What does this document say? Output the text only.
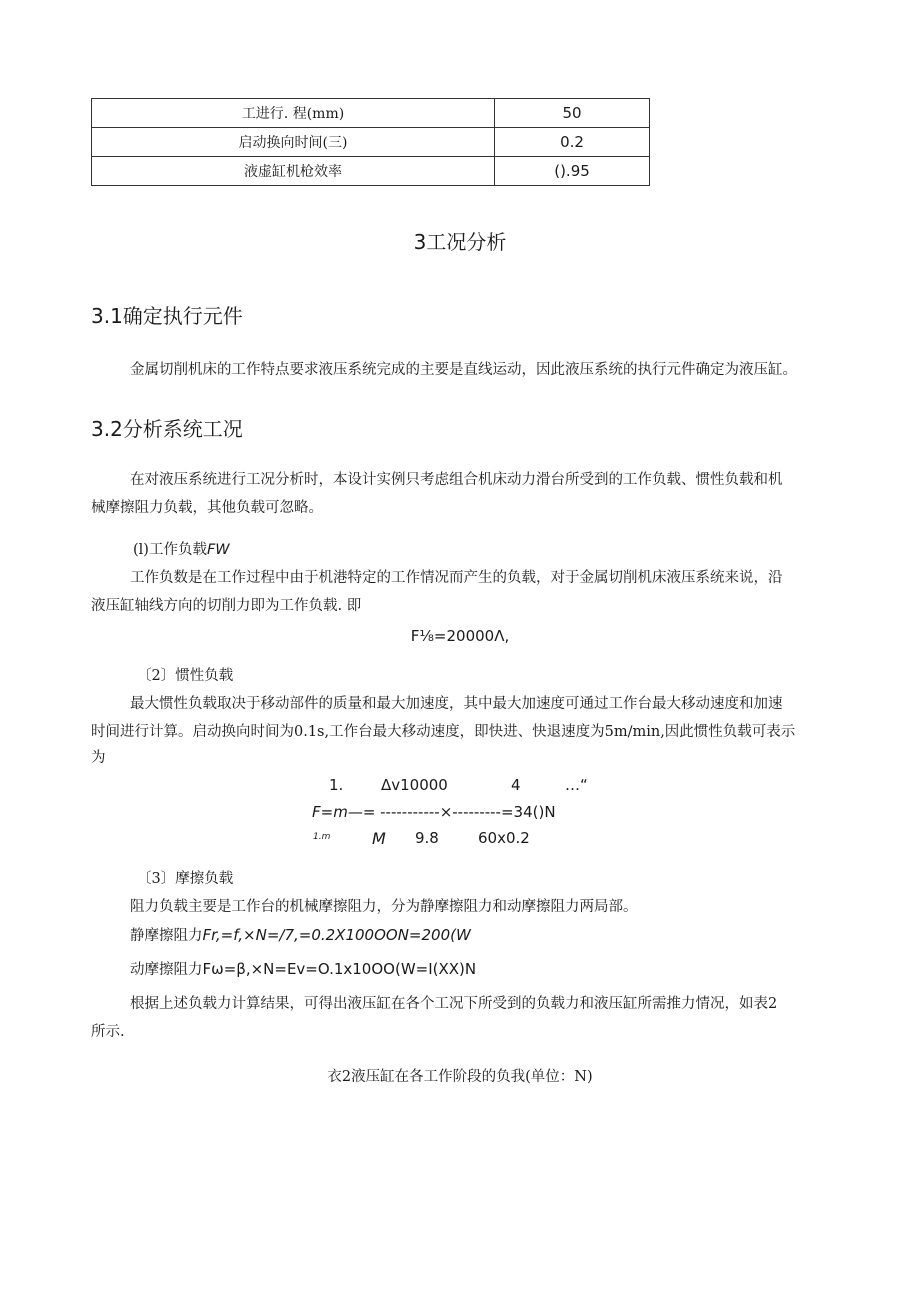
工进行. 程(mm)	50
启动换向时间(三)	0.2
液虚缸机枪效率	().95
3工况分析
3.1确定执行元件
金属切削机床的工作特点要求液压系统完成的主要是直线运动，因此液压系统的执行元件确定为液压缸。
3.2分析系统工况
在对液压系统进行工况分析时，本设计实例只考虑组合机床动力滑台所受到的工作负载、惯性负载和机
械摩擦阻力负载，其他负载可忽略。
(l)工作负载FW
工作负数是在工作过程中由于机港特定的工作情况而产生的负载，对于金属切削机床液压系统来说，沿
液压缸轴线方向的切削力即为工作负载. 即
F⅛=20000Λ,
〔2〕惯性负载
最大惯性负载取决于移动部件的质量和最大加速度，其中最大加速度可通过工作台最大移动速度和加速
时间进行计算。启动换向时间为0.1s,工作台最大移动速度，即快进、快退速度为5m∕min,因此惯性负载可表示
为
1.	Δv10000	4	…“
F=m—= -----------×---------=34()N
1.m	M 9.8	60x0.2
〔3〕摩擦负载
阻力负载主要是工作台的机械摩擦阻力，分为静摩擦阻力和动摩擦阻力两局部。
静摩擦阻力Fr,=f,×N=∕7,=0.2X100OON=200(W
动摩擦阻力Fω=β,×N=Ev=O.1x10OO(W=I(XX)N
根据上述负载力计算结果，可得出液压缸在各个工况下所受到的负载力和液压缸所需推力情况，如表2
所示.
衣2液压缸在各工作阶段的负我(单位：N)
